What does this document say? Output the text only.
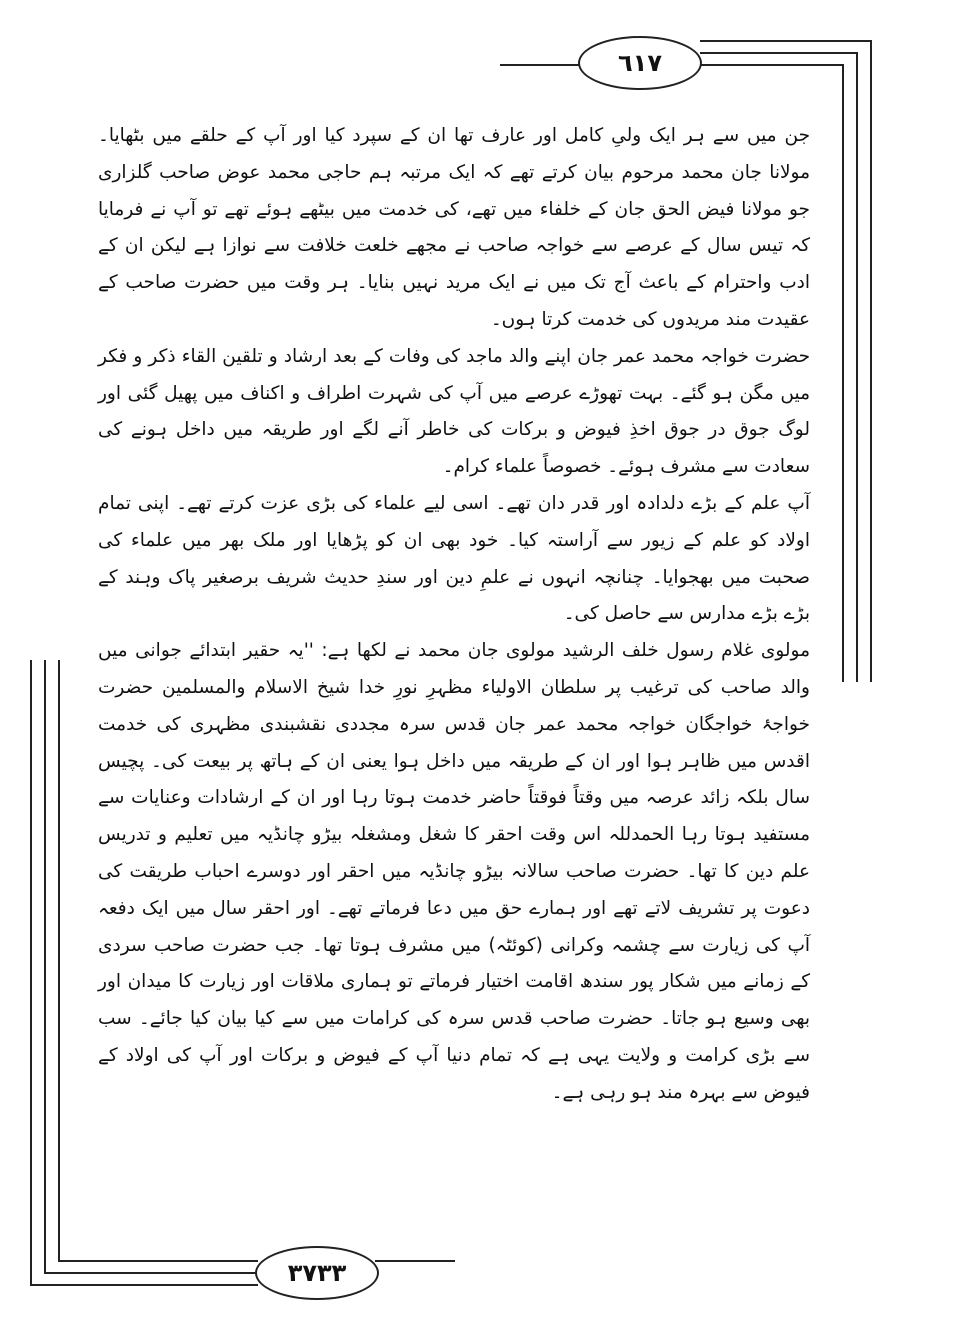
٦١٧

جن میں سے ہر ایک ولیِ کامل اور عارف تھا ان کے سپرد کیا اور آپ کے حلقے میں بٹھایا۔ مولانا جان محمد مرحوم بیان کرتے تھے کہ ایک مرتبہ ہم حاجی محمد عوض صاحب گلزاری جو مولانا فیض الحق جان کے خلفاء میں تھے، کی خدمت میں بیٹھے ہوئے تھے تو آپ نے فرمایا کہ تیس سال کے عرصے سے خواجہ صاحب نے مجھے خلعت خلافت سے نوازا ہے لیکن ان کے ادب واحترام کے باعث آج تک میں نے ایک مرید نہیں بنایا۔ ہر وقت میں حضرت صاحب کے عقیدت مند مریدوں کی خدمت کرتا ہوں۔

حضرت خواجہ محمد عمر جان اپنے والد ماجد کی وفات کے بعد ارشاد و تلقین القاء ذکر و فکر میں مگن ہو گئے۔ بہت تھوڑے عرصے میں آپ کی شہرت اطراف و اکناف میں پھیل گئی اور لوگ جوق در جوق اخذِ فیوض و برکات کی خاطر آنے لگے اور طریقہ میں داخل ہونے کی سعادت سے مشرف ہوئے۔ خصوصاً علماء کرام۔

آپ علم کے بڑے دلدادہ اور قدر دان تھے۔ اسی لیے علماء کی بڑی عزت کرتے تھے۔ اپنی تمام اولاد کو علم کے زیور سے آراستہ کیا۔ خود بھی ان کو پڑھایا اور ملک بھر میں علماء کی صحبت میں بھجوایا۔ چنانچہ انہوں نے علمِ دین اور سندِ حدیث شریف برصغیر پاک وہند کے بڑے بڑے مدارس سے حاصل کی۔

مولوی غلام رسول خلف الرشید مولوی جان محمد نے لکھا ہے: ''یہ حقیر ابتدائے جوانی میں والد صاحب کی ترغیب پر سلطان الاولیاء مظہرِ نورِ خدا شیخ الاسلام والمسلمین حضرت خواجۂ خواجگان خواجہ محمد عمر جان قدس سرہ مجددی نقشبندی مظہری کی خدمت اقدس میں ظاہر ہوا اور ان کے طریقہ میں داخل ہوا یعنی ان کے ہاتھ پر بیعت کی۔ پچیس سال بلکہ زائد عرصہ میں وقتاً فوقتاً حاضر خدمت ہوتا رہا اور ان کے ارشادات وعنایات سے مستفید ہوتا رہا الحمدللہ اس وقت احقر کا شغل ومشغلہ بیڑو چانڈیہ میں تعلیم و تدریس علم دین کا تھا۔ حضرت صاحب سالانہ بیڑو چانڈیہ میں احقر اور دوسرے احباب طریقت کی دعوت پر تشریف لاتے تھے اور ہمارے حق میں دعا فرماتے تھے۔ اور احقر سال میں ایک دفعہ آپ کی زیارت سے چشمہ وکرانی (کوئٹہ) میں مشرف ہوتا تھا۔ جب حضرت صاحب سردی کے زمانے میں شکار پور سندھ اقامت اختیار فرماتے تو ہماری ملاقات اور زیارت کا میدان اور بھی وسیع ہو جاتا۔ حضرت صاحب قدس سرہ کی کرامات میں سے کیا بیان کیا جائے۔ سب سے بڑی کرامت و ولایت یہی ہے کہ تمام دنیا آپ کے فیوض و برکات اور آپ کی اولاد کے فیوض سے بہرہ مند ہو رہی ہے۔

٣٧٣٣
